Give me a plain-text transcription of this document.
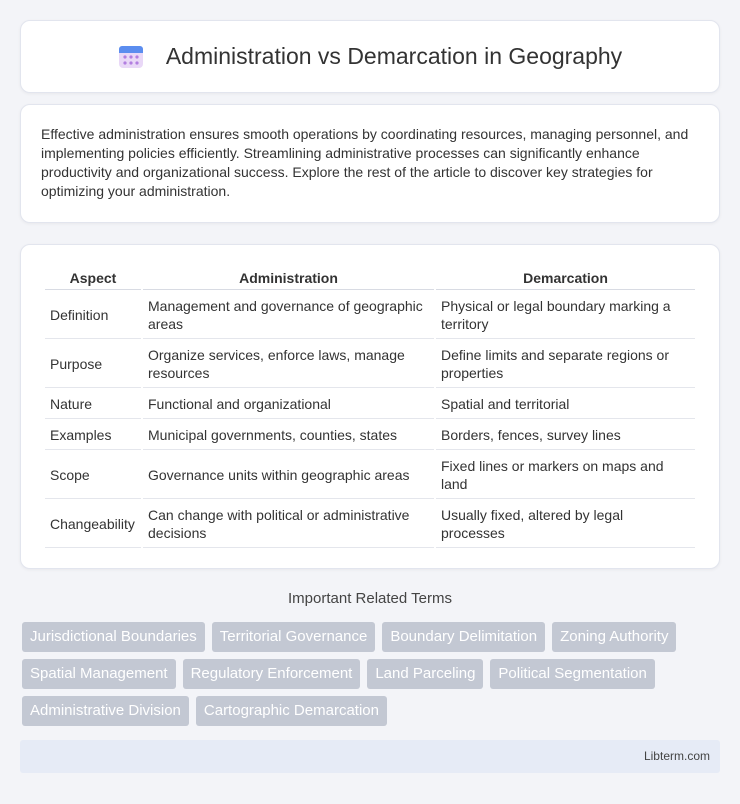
Administration vs Demarcation in Geography

Effective administration ensures smooth operations by coordinating resources, managing personnel, and implementing policies efficiently. Streamlining administrative processes can significantly enhance productivity and organizational success. Explore the rest of the article to discover key strategies for optimizing your administration.

Aspect	Administration	Demarcation
Definition	Management and governance of geographic areas	Physical or legal boundary marking a territory
Purpose	Organize services, enforce laws, manage resources	Define limits and separate regions or properties
Nature	Functional and organizational	Spatial and territorial
Examples	Municipal governments, counties, states	Borders, fences, survey lines
Scope	Governance units within geographic areas	Fixed lines or markers on maps and land
Changeability	Can change with political or administrative decisions	Usually fixed, altered by legal processes
Important Related Terms
Jurisdictional Boundaries	Territorial Governance	Boundary Delimitation	Zoning Authority
Spatial Management	Regulatory Enforcement	Land Parceling	Political Segmentation
Administrative Division	Cartographic Demarcation
Libterm.com
